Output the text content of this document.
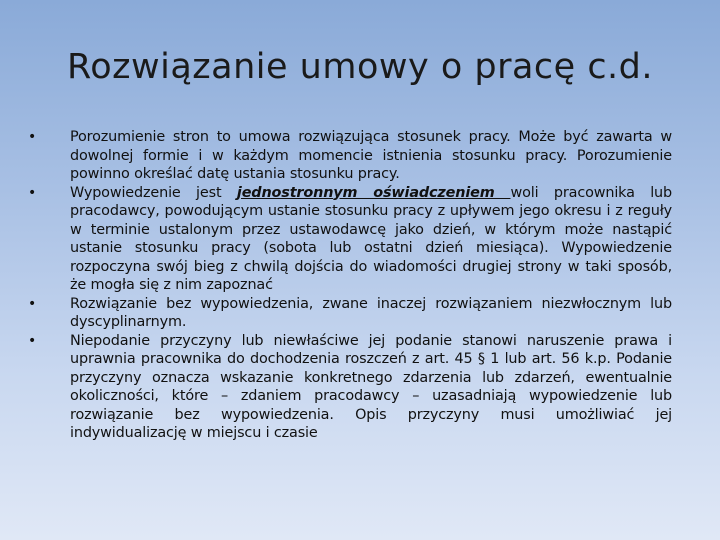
Rozwiązanie umowy o pracę c.d.
• Porozumienie stron to umowa rozwiązująca stosunek pracy. Może być zawarta w dowolnej formie i w każdym momencie istnienia stosunku pracy. Porozumienie powinno określać datę ustania stosunku pracy.
• Wypowiedzenie jest jednostronnym oświadczeniem woli pracownika lub pracodawcy, powodującym ustanie stosunku pracy z upływem jego okresu i z reguły w terminie ustalonym przez ustawodawcę jako dzień, w którym może nastąpić ustanie stosunku pracy (sobota lub ostatni dzień miesiąca). Wypowiedzenie rozpoczyna swój bieg z chwilą dojścia do wiadomości drugiej strony w taki sposób, że mogła się z nim zapoznać
• Rozwiązanie bez wypowiedzenia, zwane inaczej rozwiązaniem niezwłocznym lub dyscyplinarnym.
• Niepodanie przyczyny lub niewłaściwe jej podanie stanowi naruszenie prawa i uprawnia pracownika do dochodzenia roszczeń z art. 45 § 1 lub art. 56 k.p. Podanie przyczyny oznacza wskazanie konkretnego zdarzenia lub zdarzeń, ewentualnie okoliczności, które – zdaniem pracodawcy – uzasadniają wypowiedzenie lub rozwiązanie bez wypowiedzenia. Opis przyczyny musi umożliwiać jej indywidualizację w miejscu i czasie
